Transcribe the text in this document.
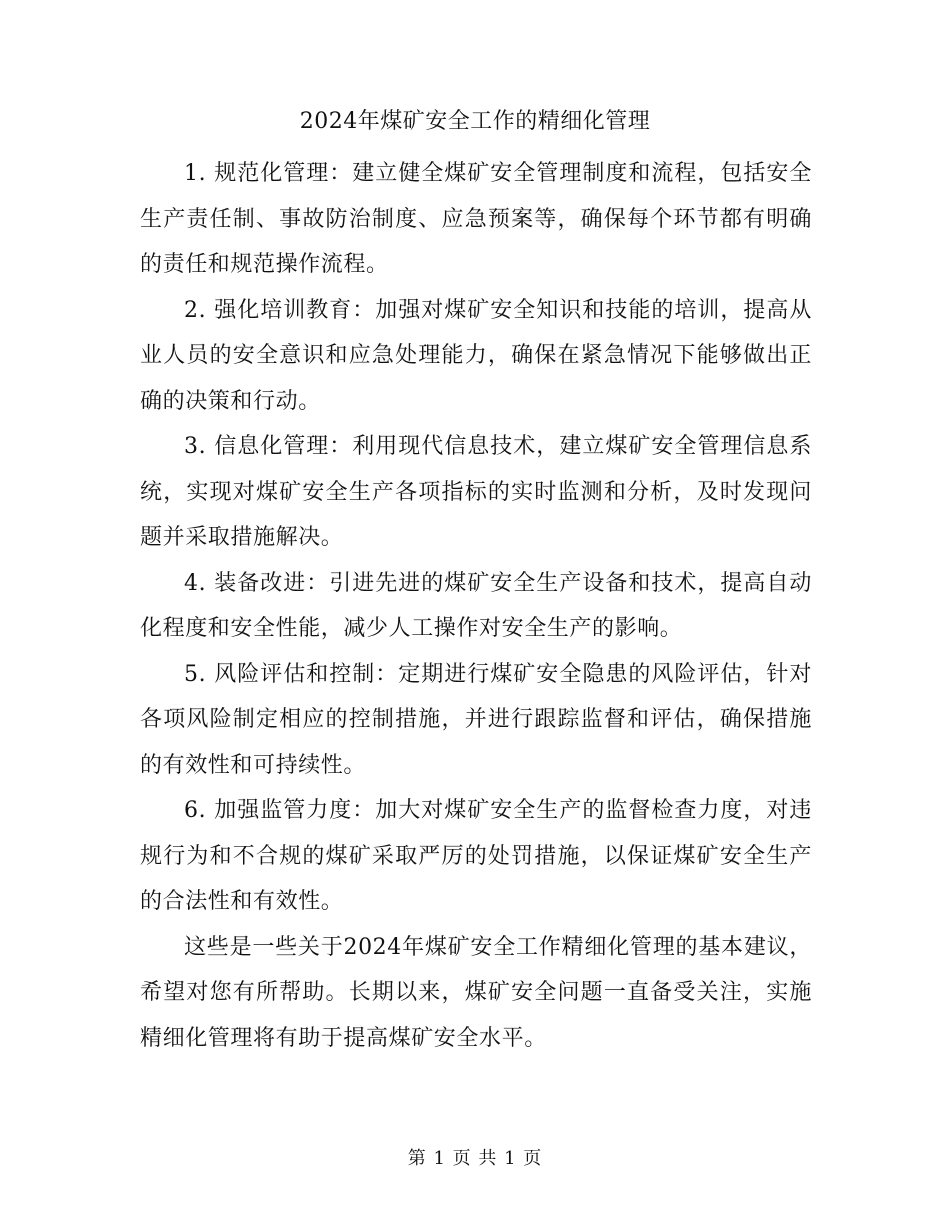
2024年煤矿安全工作的精细化管理

1. 规范化管理：建立健全煤矿安全管理制度和流程，包括安全生产责任制、事故防治制度、应急预案等，确保每个环节都有明确的责任和规范操作流程。

2. 强化培训教育：加强对煤矿安全知识和技能的培训，提高从业人员的安全意识和应急处理能力，确保在紧急情况下能够做出正确的决策和行动。

3. 信息化管理：利用现代信息技术，建立煤矿安全管理信息系统，实现对煤矿安全生产各项指标的实时监测和分析，及时发现问题并采取措施解决。

4. 装备改进：引进先进的煤矿安全生产设备和技术，提高自动化程度和安全性能，减少人工操作对安全生产的影响。

5. 风险评估和控制：定期进行煤矿安全隐患的风险评估，针对各项风险制定相应的控制措施，并进行跟踪监督和评估，确保措施的有效性和可持续性。

6. 加强监管力度：加大对煤矿安全生产的监督检查力度，对违规行为和不合规的煤矿采取严厉的处罚措施，以保证煤矿安全生产的合法性和有效性。

这些是一些关于2024年煤矿安全工作精细化管理的基本建议，希望对您有所帮助。长期以来，煤矿安全问题一直备受关注，实施精细化管理将有助于提高煤矿安全水平。

第 1 页 共 1 页
